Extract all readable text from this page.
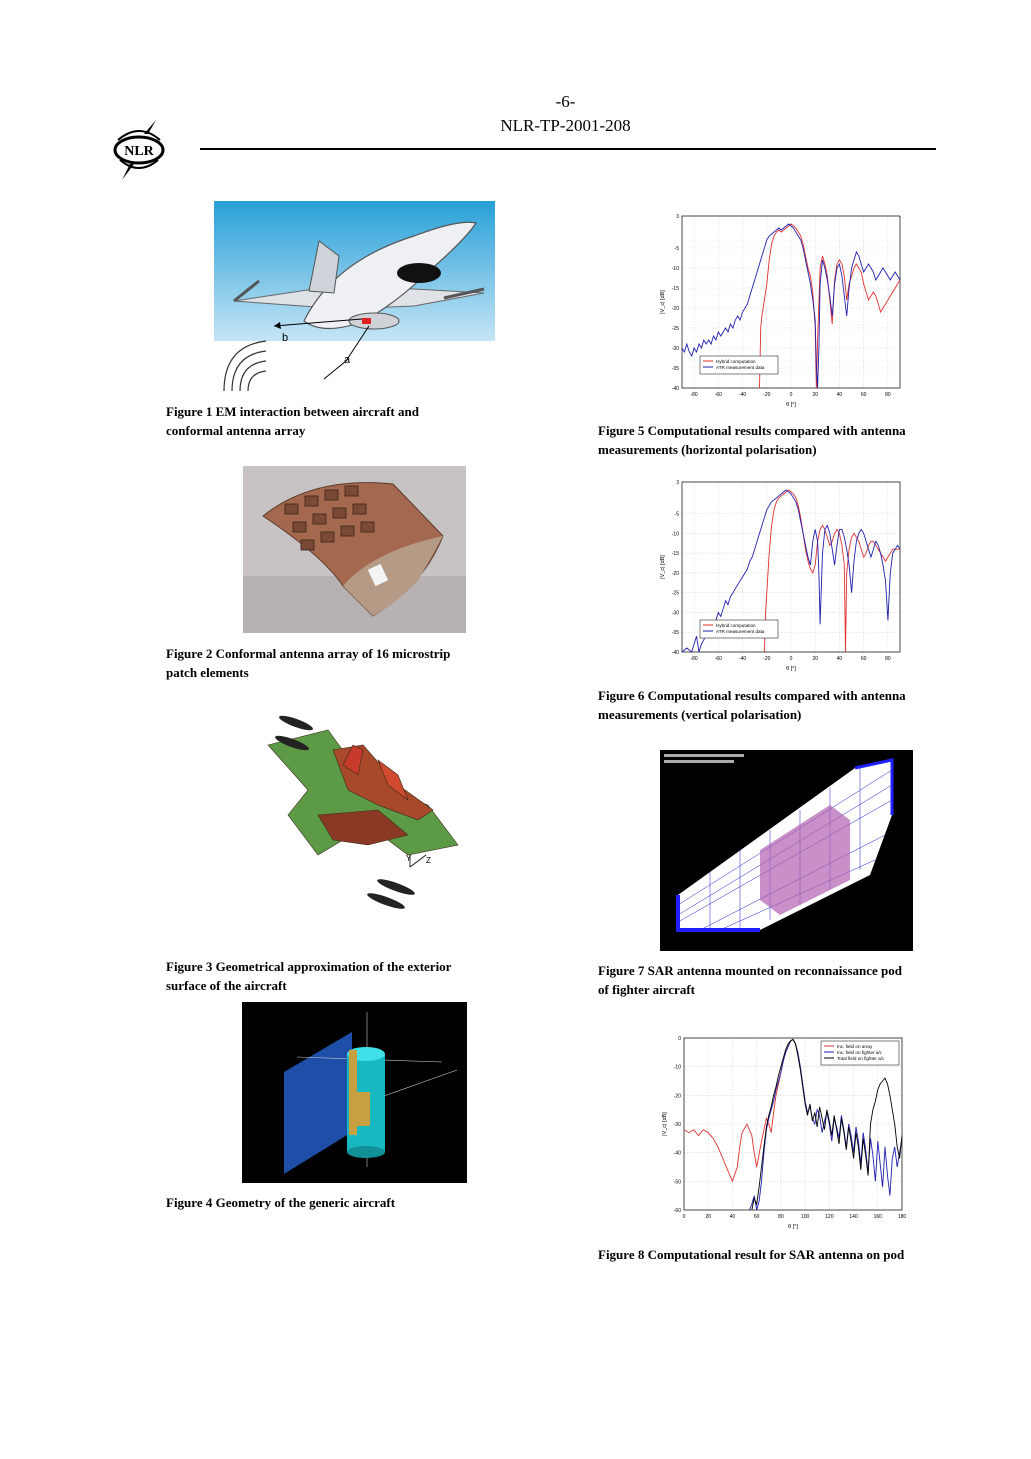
NLR
-6-
NLR-TP-2001-208
b
a
Figure 1 EM interaction between aircraft and
conformal antenna array
Figure 2 Conformal antenna array of 16 microstrip
patch elements
Y Z
Figure 3 Geometrical approximation of the exterior
surface of the aircraft
Figure 4 Geometry of the generic aircraft
-80	-60	-40	-20	0	20	40	60	80
3
-5
-10
-15
-20
-25
-30
-35
-40
θ [°]
|V_c| [dB]
Hybrid computation
ATR measurement data
Figure 5 Computational results compared with antenna
measurements (horizontal polarisation)
-80	-60	-40	-20	0	20	40	60	80
3
-5
-10
-15
-20
-25
-30
-35
-40
θ [°]
|V_c| [dB]
Hybrid computation
ATR measurement data
Figure 6 Computational results compared with antenna
measurements (vertical polarisation)
Figure 7 SAR antenna mounted on reconnaissance pod
of fighter aircraft
0	20	40	60	80	100	120	140	160	180
0
-10
-20
-30
-40
-50
-60
θ [°]
|V_c| [dB]
Inc. field on array
Inc. field on fighter a/c
Total field on fighter a/c
Figure 8 Computational result for SAR antenna on pod
